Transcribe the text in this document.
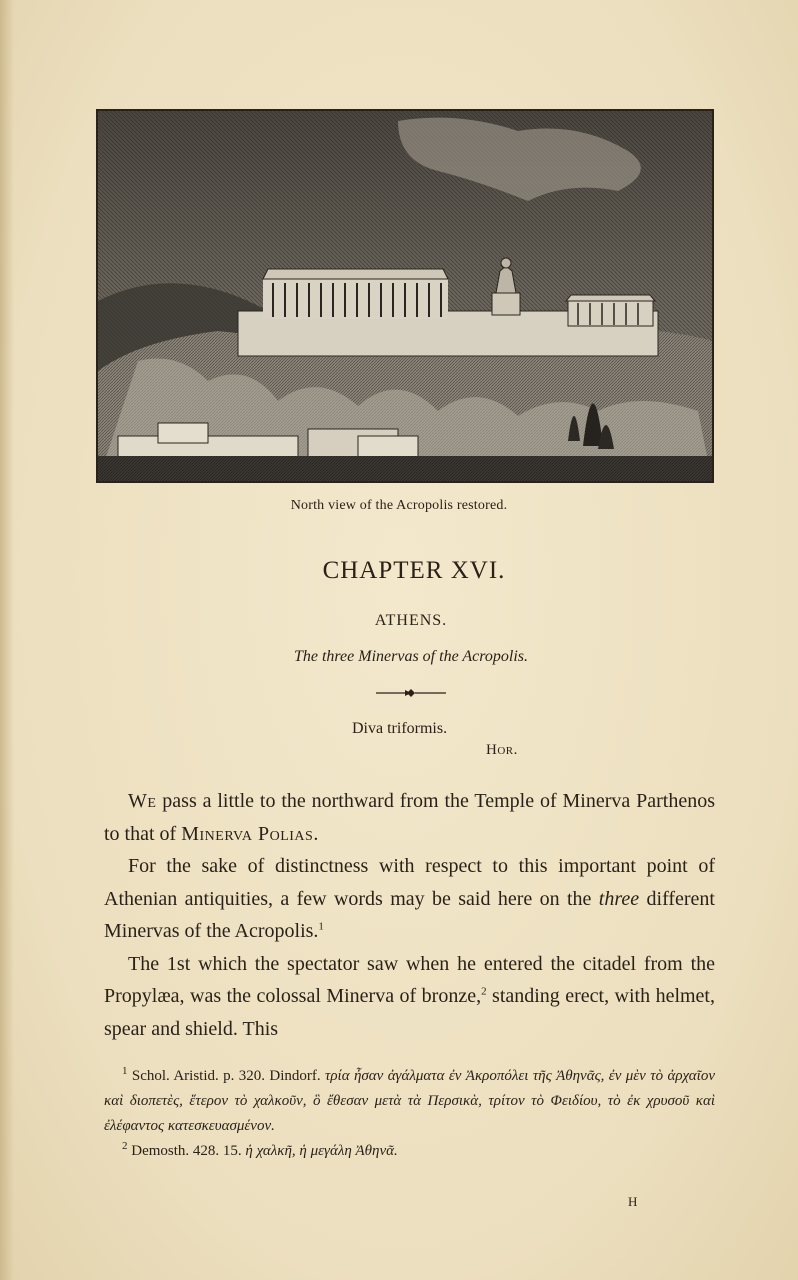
North view of the Acropolis restored.
CHAPTER XVI.
ATHENS.
The three Minervas of the Acropolis.
Diva triformis.
Hor.

We pass a little to the northward from the Temple of Minerva Parthenos to that of Minerva Polias.

For the sake of distinctness with respect to this important point of Athenian antiquities, a few words may be said here on the three different Minervas of the Acropolis.$^1$

The 1st which the spectator saw when he entered the citadel from the Propylæa, was the colossal Minerva of bronze,$^2$ standing erect, with helmet, spear and shield. This

$^1$ Schol. Aristid. p. 320. Dindorf. τρία ἦσαν ἀγάλματα ἐν Ἀκροπόλει τῆς Ἀθηνᾶς, ἐν μὲν τὸ ἀρχαῖον καὶ διοπετὲς, ἕτερον τὸ χαλκοῦν, ὃ ἔθεσαν μετὰ τὰ Περσικὰ, τρίτον τὸ Φειδίου, τὸ ἐκ χρυσοῦ καὶ ἐλέφαντος κατεσκευασμένον.

$^2$ Demosth. 428. 15. ἡ χαλκῆ, ἡ μεγάλη Ἀθηνᾶ.

H
